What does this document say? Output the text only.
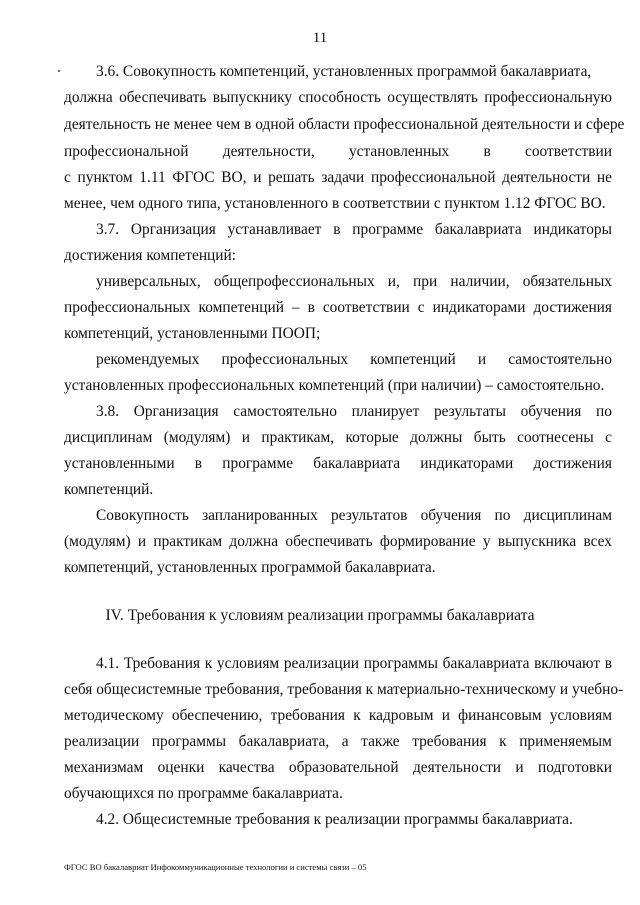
11
3.6. Совокупность компетенций, установленных программой бакалавриата,
должна обеспечивать выпускнику способность осуществлять профессиональную
деятельность не менее чем в одной области профессиональной деятельности и сфере
профессиональной деятельности, установленных в соответствии
с пунктом 1.11 ФГОС ВО, и решать задачи профессиональной деятельности не
менее, чем одного типа, установленного в соответствии с пунктом 1.12 ФГОС ВО.
3.7. Организация устанавливает в программе бакалавриата индикаторы
достижения компетенций:
универсальных, общепрофессиональных и, при наличии, обязательных
профессиональных компетенций – в соответствии с индикаторами достижения
компетенций, установленными ПООП;
рекомендуемых профессиональных компетенций и самостоятельно
установленных профессиональных компетенций (при наличии) – самостоятельно.
3.8. Организация самостоятельно планирует результаты обучения по
дисциплинам (модулям) и практикам, которые должны быть соотнесены с
установленными в программе бакалавриата индикаторами достижения
компетенций.
Совокупность запланированных результатов обучения по дисциплинам
(модулям) и практикам должна обеспечивать формирование у выпускника всех
компетенций, установленных программой бакалавриата.
IV. Требования к условиям реализации программы бакалавриата
4.1. Требования к условиям реализации программы бакалавриата включают в
себя общесистемные требования, требования к материально-техническому и учебно-
методическому обеспечению, требования к кадровым и финансовым условиям
реализации программы бакалавриата, а также требования к применяемым
механизмам оценки качества образовательной деятельности и подготовки
обучающихся по программе бакалавриата.
4.2. Общесистемные требования к реализации программы бакалавриата.
ФГОС ВО бакалавриат Инфокоммуникационные технологии и системы связи – 05
